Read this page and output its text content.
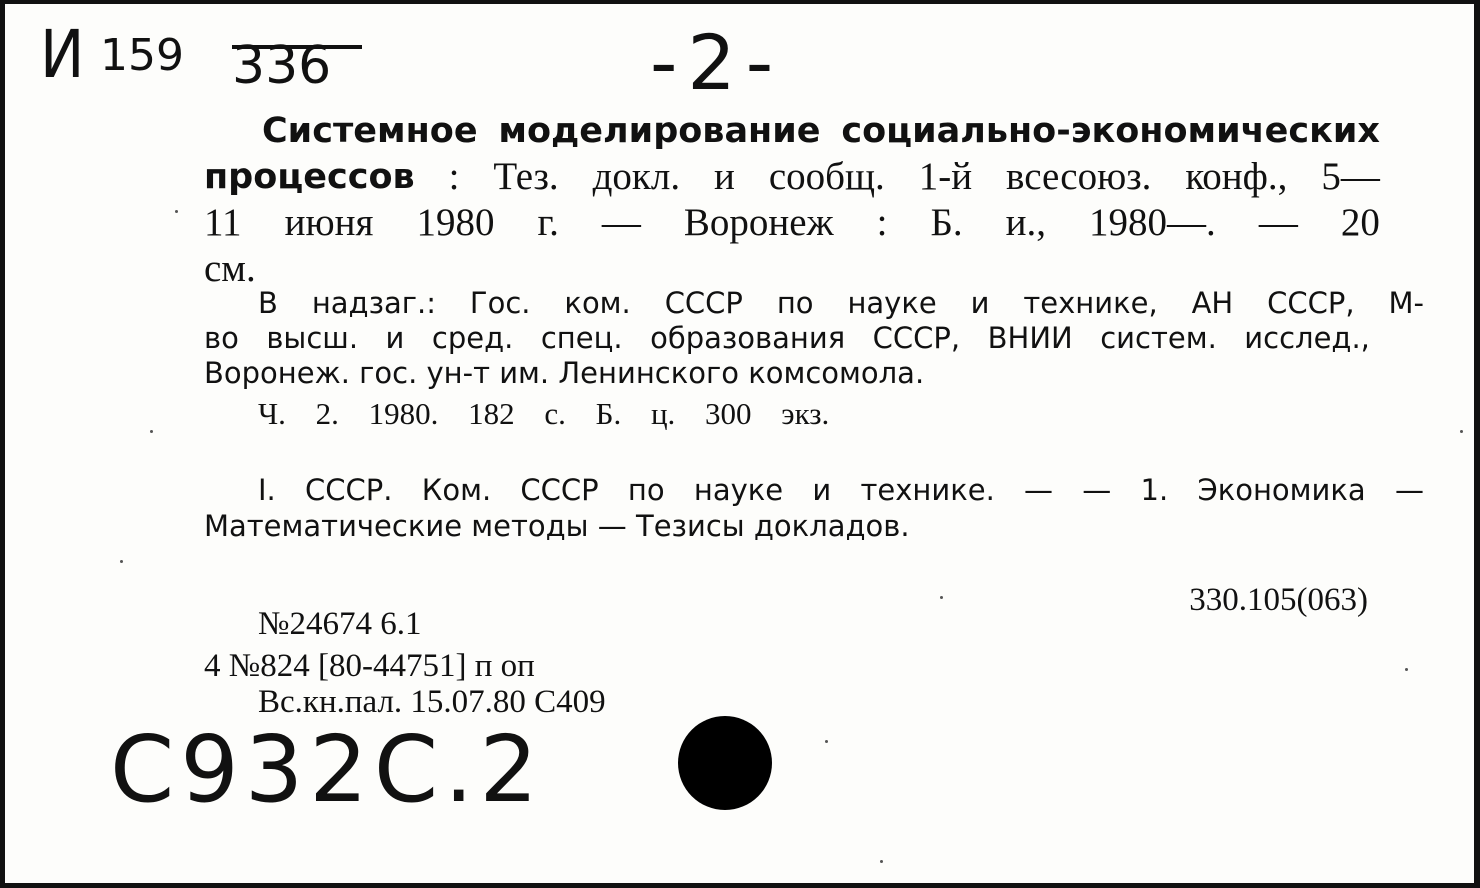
И 159 336	-2-
Системное моделирование социально-экономических
процессов : Тез. докл. и сообщ. 1-й всесоюз. конф., 5—
11 июня 1980 г. — Воронеж : Б. и., 1980—. — 20
см.
В надзаг.: Гос. ком. СССР по науке и технике, АН СССР, М-
во высш. и сред. спец. образования СССР, ВНИИ систем. исслед.,
Воронеж. гос. ун-т им. Ленинского комсомола.
Ч. 2. 1980. 182 с. Б. ц. 300 экз.
I. СССР. Ком. СССР по науке и технике. — — 1. Экономика —
Математические методы — Тезисы докладов.
330.105(063)
№24674 6.1
4 №824 [80-44751] п оп
Вс.кн.пал. 15.07.80 С409
С932С.2
